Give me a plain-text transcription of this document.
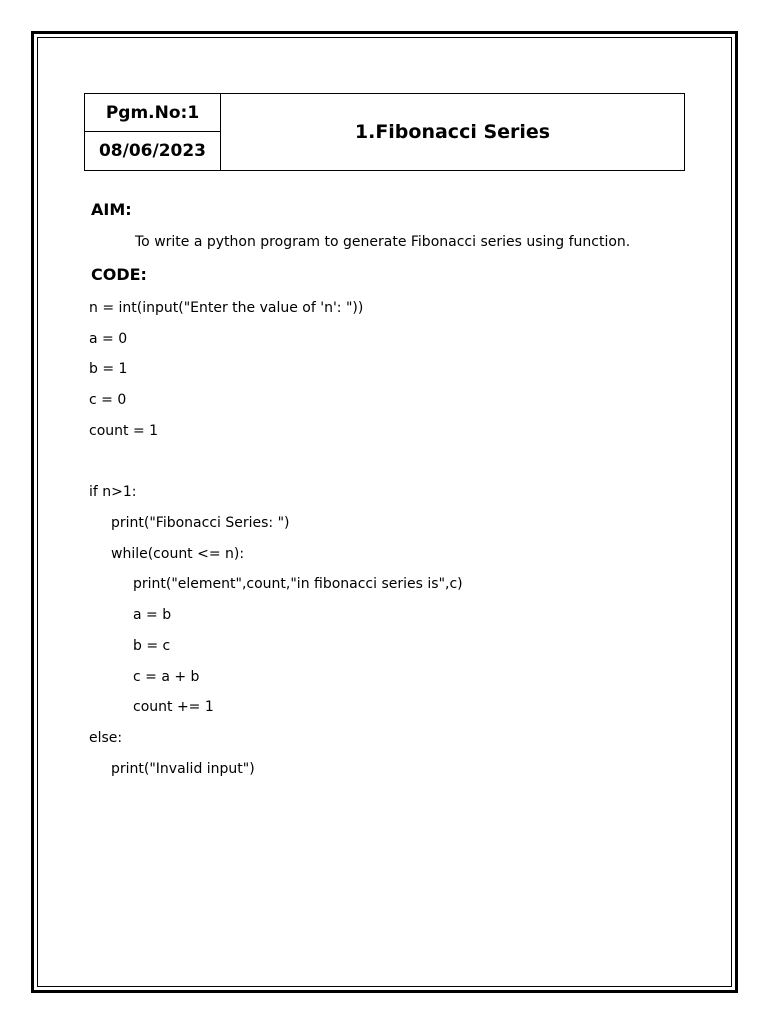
Pgm.No:1
08/06/2023
1.Fibonacci Series
AIM:
To write a python program to generate Fibonacci series using function.
CODE:
n = int(input("Enter the value of 'n': "))
a = 0
b = 1
c = 0
count = 1
if n>1:
print("Fibonacci Series: ")
while(count <= n):
print("element",count,"in fibonacci series is",c)
a = b
b = c
c = a + b
count += 1
else:
print("Invalid input")
